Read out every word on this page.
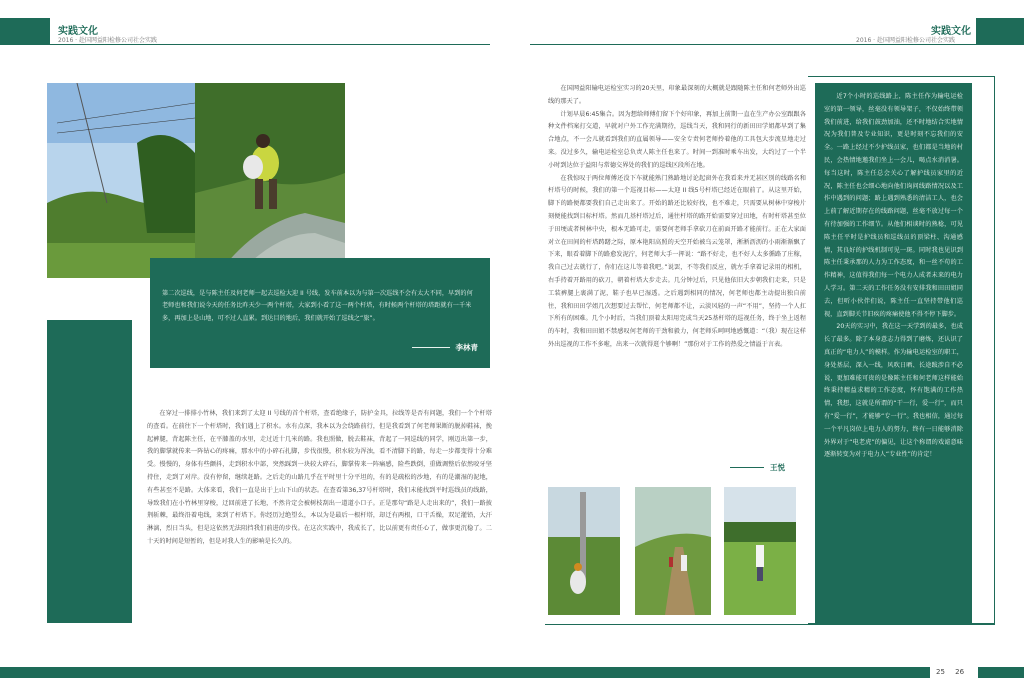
实践文化
2016 · 赴国网益阳检修公司社会实践
实践文化
2016 · 赴国网益阳检修公司社会实践

第二次巡线，是与陈主任及何老师一起去巡检大迎 II 号线，发车前本以为与第一次巡线不会有太大不同，早到的何老师也和我们说今天的任务比昨天少一两个杆塔，大家到小看了这一两个杆塔，有时候两个杆塔的塔距就有一千米多，再加上是山地，可不过人直累。到达目的地后，我们就开始了巡线之“旅”。

李林青

在穿过一排排小竹林，我们来到了太迎 II 号线的首个杆塔，查看绝缘子，防护金具，拉线等是否有问题，我们一个个杆塔的查看。在前往下一个杆塔时，我们遇上了积水。水有点深，我本以为会绕路前行，但是我看到了何老师果断的脱掉鞋袜，挽起裤腿，背起陈主任，在平膝盖的水里，走过近十几米的路。我也照做，脱去鞋袜，背起了一同巡线的同学，刚迈出第一步，我的脚掌就传来一阵钻心的疼痛，那水中的小碎石扎脚，步伐很慢，积水较为浑浊，看不清脚下的路，每走一步都变得十分难受。慢慢的，身体有些颤抖，走到积水中部，突然踩到一块较大碎石，脚掌传来一阵痛感，险些跌倒，重做调整后依然咬牙坚持住，走到了对岸。没有停留，继续赶路。之后走的山路几乎在平时里十分平坦的，有的是疏松的沙地，有的是潮湿的泥地，有些甚至不是路。大体来看，我们一直是出于上山下山的状态。在查看第36,37号杆塔时，我们未能找到平时巡线员的线路，导致我们在小竹林里穿梭，迂回前进了长地，不然肯定会被树枝刮出一道道小口子。正是那句“路是人走出来的”，我们一路披荆斩棘，最终沿着电线，来到了杆塔下。你经历过绝望么，本以为是最后一根杆塔，却迁有两根，口干舌燥，双足灌铅，大汗淋漓，烈日当头，但是这依然无法阻挡我们前进的步伐。在这次实践中，我成长了，比以前更有责任心了，做事更沉稳了。二十天的时间是短暂的，但是对我人生的影响是长久的。

在国网益阳输电运检室实习的20天里，印象最深刻的大概就是跟随陈主任和何老师外出巡线的那天了。

计划早晨6:45集合。因为想给师傅们留下个好印象，再加上前期一直在生产办公室跟跟各种文件档案打交道，早就对户外工作充满期待，巡线当天，我和同行的新田田学姐都早到了集合地点，不一会儿就看到我们的直属领导——安全专责何老师拎着他的工具包大步流星地走过来。没过多久，输电运检室总负责人陈主任也来了。时间一到准时乘车出发，大约过了一个半小时到达位于益阳与常德交界处的我们的巡线区段所在地。

在我惊叹于两位师傅还没下车就能熟门熟路地讨论起窗外在我看来并无甚区别的线路名和杆塔号的时候，我们的第一个巡视目标——太迎 II 线5号杆塔已经近在眼前了。从这里开始，脚下的路便都要我们自己走出来了。开始的路还比较好找，也不难走，只需要从树林中穿梭片刻便能找到目标杆塔。然而几基杆塔过后，通往杆塔的路开始需要穿过田地，有时杆塔甚至位于田埂或者树林中央，根本无路可走，需要何老师手拿砍刀在前面开路才能前行。正在大家面对立在田间的杆塔踌躇之际，原本艳阳高照的天空开始被乌云笼罩，淅淅沥沥的小雨渐渐飘了下来，眼看着脚下的路愈发泥泞，何老师大手一挥说：“路不好走，也不好人太多循路了庄稼，我自己过去就行了，你们在这儿等着我吧。”说罢，不等我们反应，就左手拿着记录用的相机，右手持着开路用的砍刀，朝着杆塔大步走去。几分钟过后，只见他依旧大步朝我们走来，只是工装裤腿上裹满了泥，鞋子也早已湿透。之后遇到相同的情况，何老师也都主动提出独自前往，我和田田学姐几次想要过去帮忙，何老师都不让，云淡风轻的一声“不用”，坚持一个人扛下所有的困难。几个小时后，当我们顶着太阳用完成当天25基杆塔的巡视任务，终于坐上返程的车时，我和田田姐不禁感叹何老师的干劲和毅力，何老师乐呵呵地感慨道：“（我）现在这样外出巡视的工作不多啦，出来一次就得逛个够啊！”那份对于工作的热爱之情溢于言表。

王悦

近7个小时的巡线路上，陈主任作为输电运检室的第一领导，丝毫没有领导架子，不仅始终带领我们前进，给我们鼓劲加油，还不时地结合实地情况为我们普及专业知识，更是时刻不忘我们的安全。一路上经过不少护线员家，也们都是当地的村民，会热情地邀我们坐上一会儿，喝点水消消暑。每当这时，陈主任总会关心了解护线员家里的近况，陈主任也会细心地向他们询问线路情况以及工作中遇到的问题；路上遇到熟悉的清洁工人，也会上前了解近期存在的线路问题，丝毫不放过每一个有待加强的工作细节。从他们相谈时的熟稔，可见陈主任平时是护线员和巡线员的顶梁柱、沟通感情，其良好的护线机制可见一斑。同时我也见识到陈主任秉承那的人力为工作态度，和一丝不苟的工作精神，这值得我们每一个电力人成者未来的电力人学习。第二天的工作任务没有安排我和田田姐同去，但听小伙伴们说，陈主任一直坚持带他们巡视，直到脚关节旧疾的疼痛使他不得不停下脚步。

20天的实习中，我在这一天学到的最多，也成长了最多。除了本身意志力得到了磨炼，还认识了真正的“电力人”的模样。作为输电运检室的职工，身处基层，深入一线，风吹日晒、长途跋涉自不必说，更加难能可贵的是像陈主任和何老师这样能始终秉持精益求精的工作态度，怀有饱满的工作热情，我想，这就是所谓的“干一行，爱一行”，而只有“爱一行”，才能够“专一行”。我也相信，通过每一个平凡岗位上电力人的努力，终有一日能够消除外界对于“电老虎”的偏见，让这个称谓的戏谑意味逐渐转变为对于电力人“专业性”的肯定！

25 26
